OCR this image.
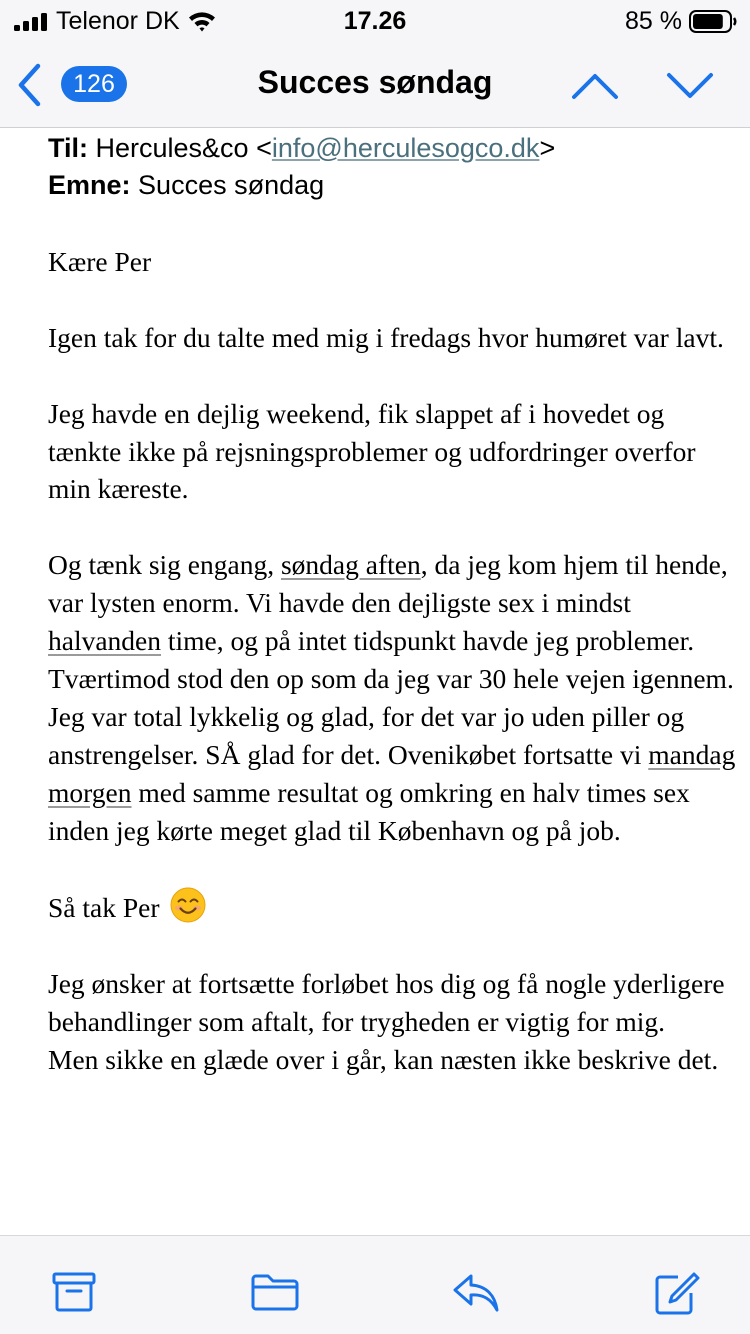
Telenor DK	17.26	85 %
126	Succes søndag
Til: Hercules&co <info@herculesogco.dk>
Emne: Succes søndag

Kære Per

Igen tak for du talte med mig i fredags hvor humøret var lavt.

Jeg havde en dejlig weekend, fik slappet af i hovedet og tænkte ikke på rejsningsproblemer og udfordringer overfor min kæreste.

Og tænk sig engang, søndag aften, da jeg kom hjem til hende, var lysten enorm. Vi havde den dejligste sex i mindst halvanden time, og på intet tidspunkt havde jeg problemer. Tværtimod stod den op som da jeg var 30 hele vejen igennem. Jeg var total lykkelig og glad, for det var jo uden piller og anstrengelser. SÅ glad for det. Ovenikøbet fortsatte vi mandag morgen med samme resultat og omkring en halv times sex inden jeg kørte meget glad til København og på job.

Så tak Per

Jeg ønsker at fortsætte forløbet hos dig og få nogle yderligere behandlinger som aftalt, for trygheden er vigtig for mig.

Men sikke en glæde over i går, kan næsten ikke beskrive det.
